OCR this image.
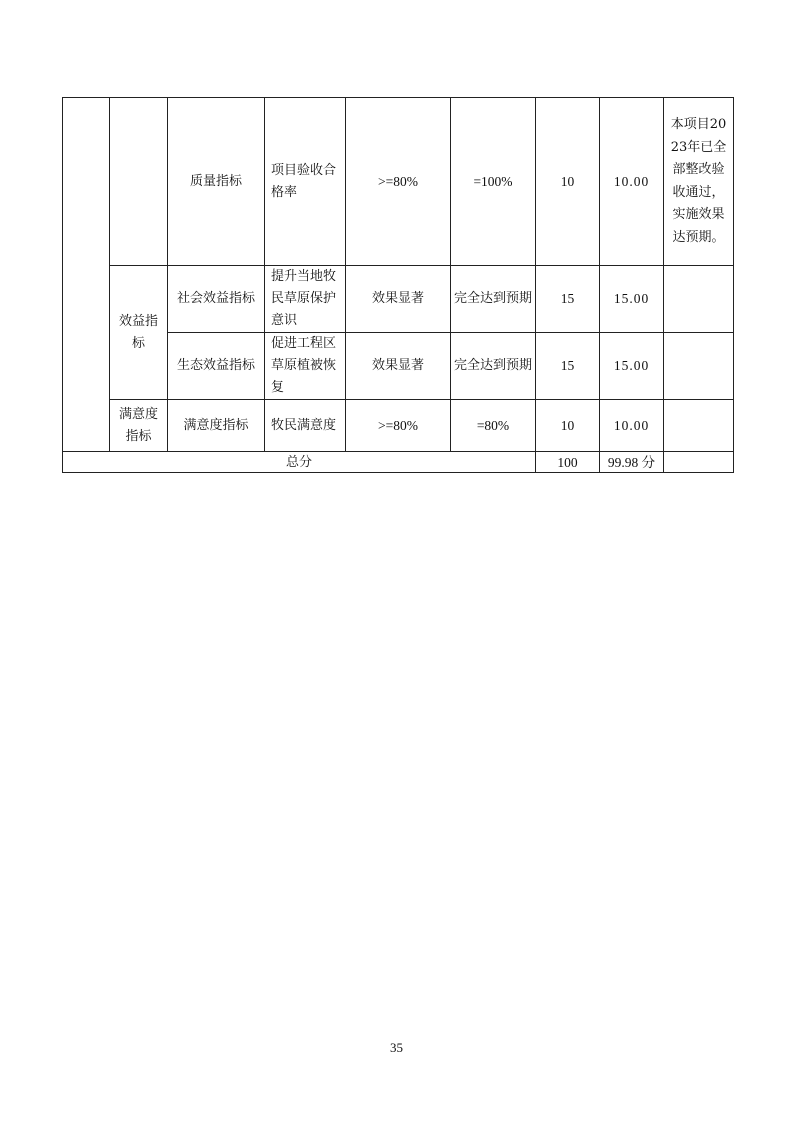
		质量指标	项目验收合格率	>=80%	=100%	10	10.00	本项目2023年已全部整改验收通过，实施效果达预期。
	效益指标	社会效益指标	提升当地牧民草原保护意识	效果显著	完全达到预期	15	15.00	
		生态效益指标	促进工程区草原植被恢复	效果显著	完全达到预期	15	15.00	
	满意度指标	满意度指标	牧民满意度	>=80%	=80%	10	10.00	
总分						100	99.98 分	
35
